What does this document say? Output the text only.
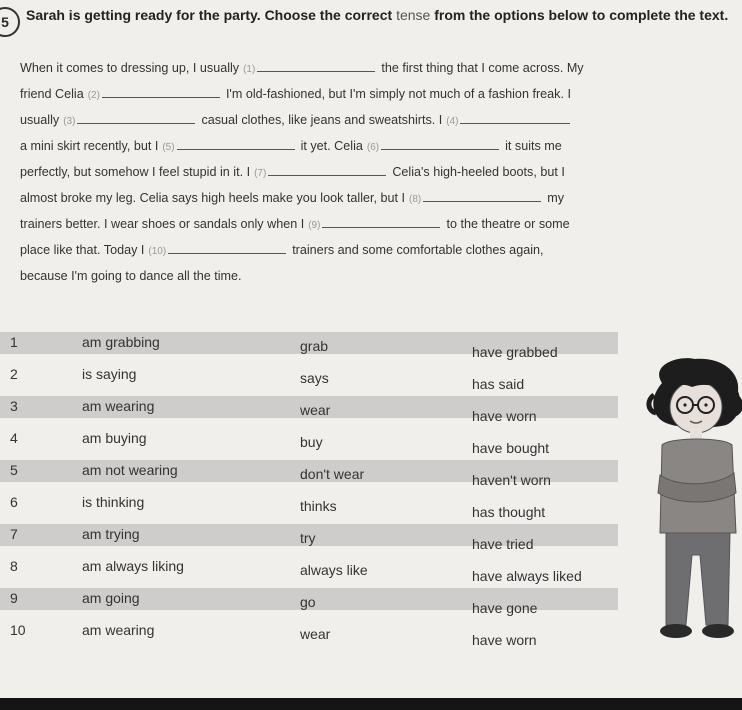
5	Sarah is getting ready for the party. Choose the correct tense from the options below to complete the text.
When it comes to dressing up, I usually (1)	the first thing that I come across. My
friend Celia (2)	I'm old-fashioned, but I'm simply not much of a fashion freak. I
usually (3)	casual clothes, like jeans and sweatshirts. I (4)
a mini skirt recently, but I (5)	it yet. Celia (6)	it suits me
perfectly, but somehow I feel stupid in it. I (7)	Celia's high-heeled boots, but I
almost broke my leg. Celia says high heels make you look taller, but I (8)	my
trainers better. I wear shoes or sandals only when I (9)	to the theatre or some
place like that. Today I (10)	trainers and some comfortable clothes again,
because I'm going to dance all the time.
1	am grabbing	grab	have grabbed
2	is saying	says	has said
3	am wearing	wear	have worn
4	am buying	buy	have bought
5	am not wearing	don't wear	haven't worn
6	is thinking	thinks	has thought
7	am trying	try	have tried
8	am always liking	always like	have always liked
9	am going	go	have gone
10	am wearing	wear	have worn
